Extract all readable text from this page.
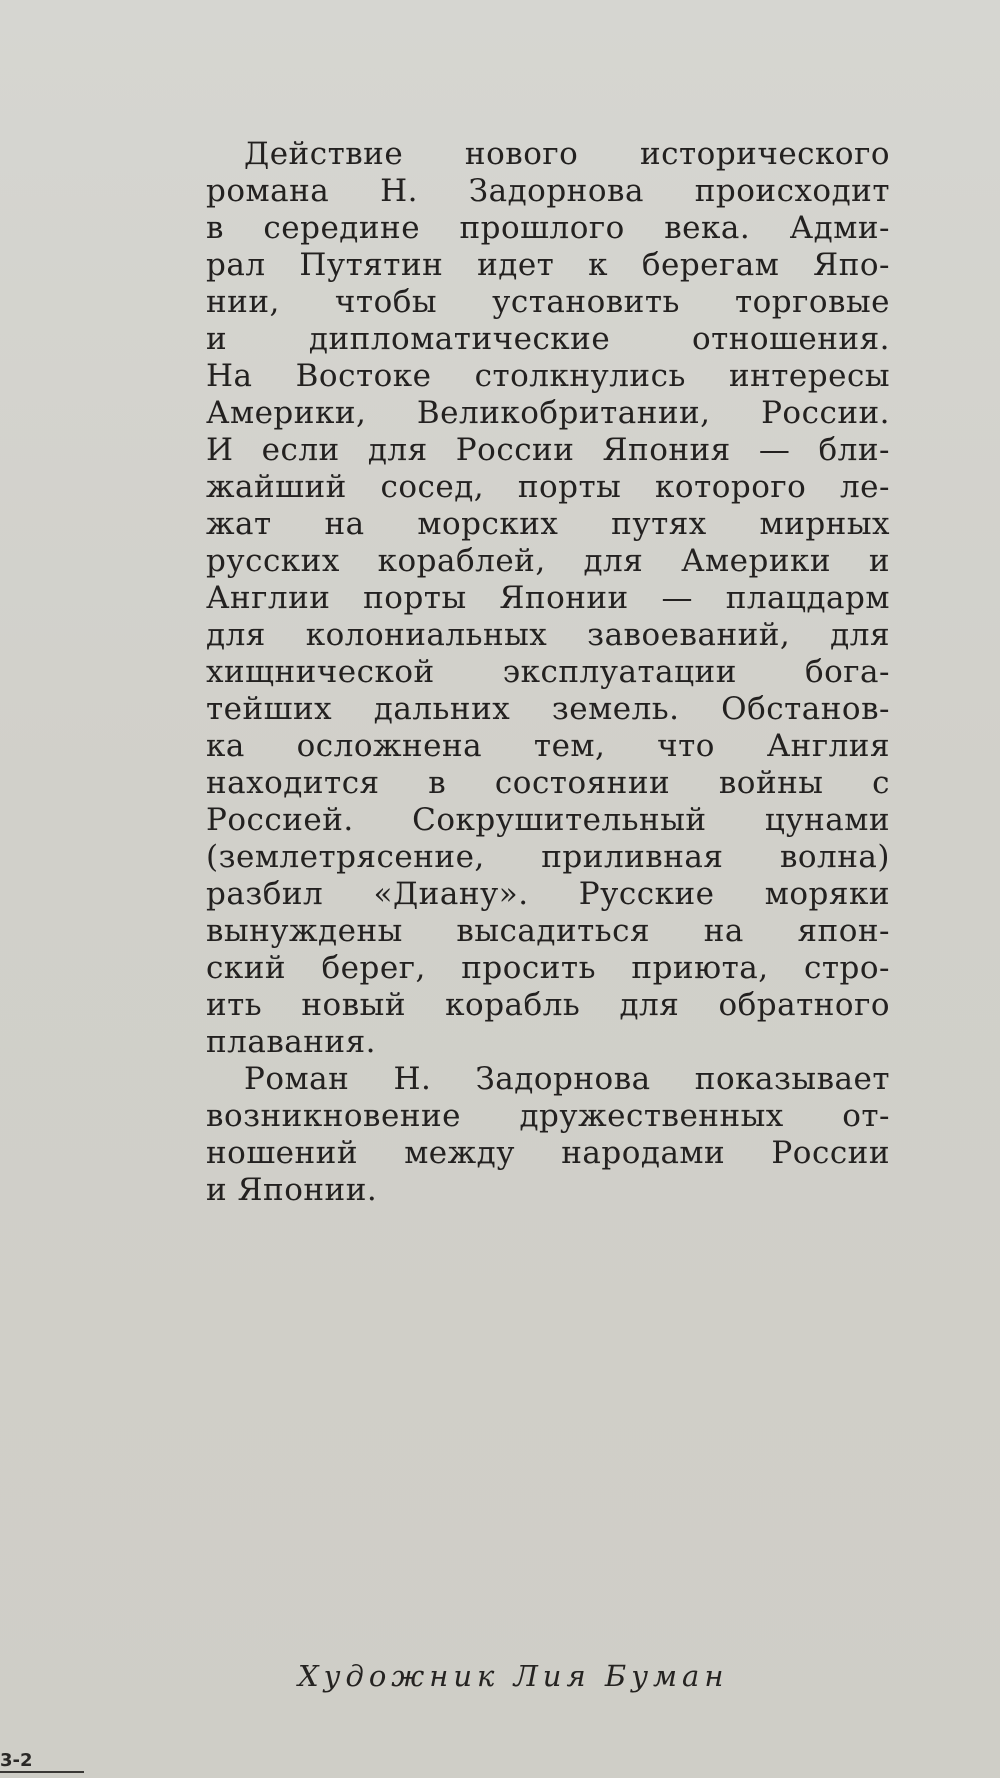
Действие нового исторического
романа Н. Задорнова происходит
в середине прошлого века. Адми-
рал Путятин идет к берегам Япо-
нии, чтобы установить торговые
и дипломатические отношения.
На Востоке столкнулись интересы
Америки, Великобритании, России.
И если для России Япония — бли-
жайший сосед, порты которого ле-
жат на морских путях мирных
русских кораблей, для Америки и
Англии порты Японии — плацдарм
для колониальных завоеваний, для
хищнической эксплуатации бога-
тейших дальних земель. Обстанов-
ка осложнена тем, что Англия
находится в состоянии войны с
Россией. Сокрушительный цунами
(землетрясение, приливная волна)
разбил «Диану». Русские моряки
вынуждены высадиться на япон-
ский берег, просить приюта, стро-
ить новый корабль для обратного
плавания.
Роман Н. Задорнова показывает
возникновение дружественных от-
ношений между народами России
и Японии.
Художник Лия Буман
3-2
